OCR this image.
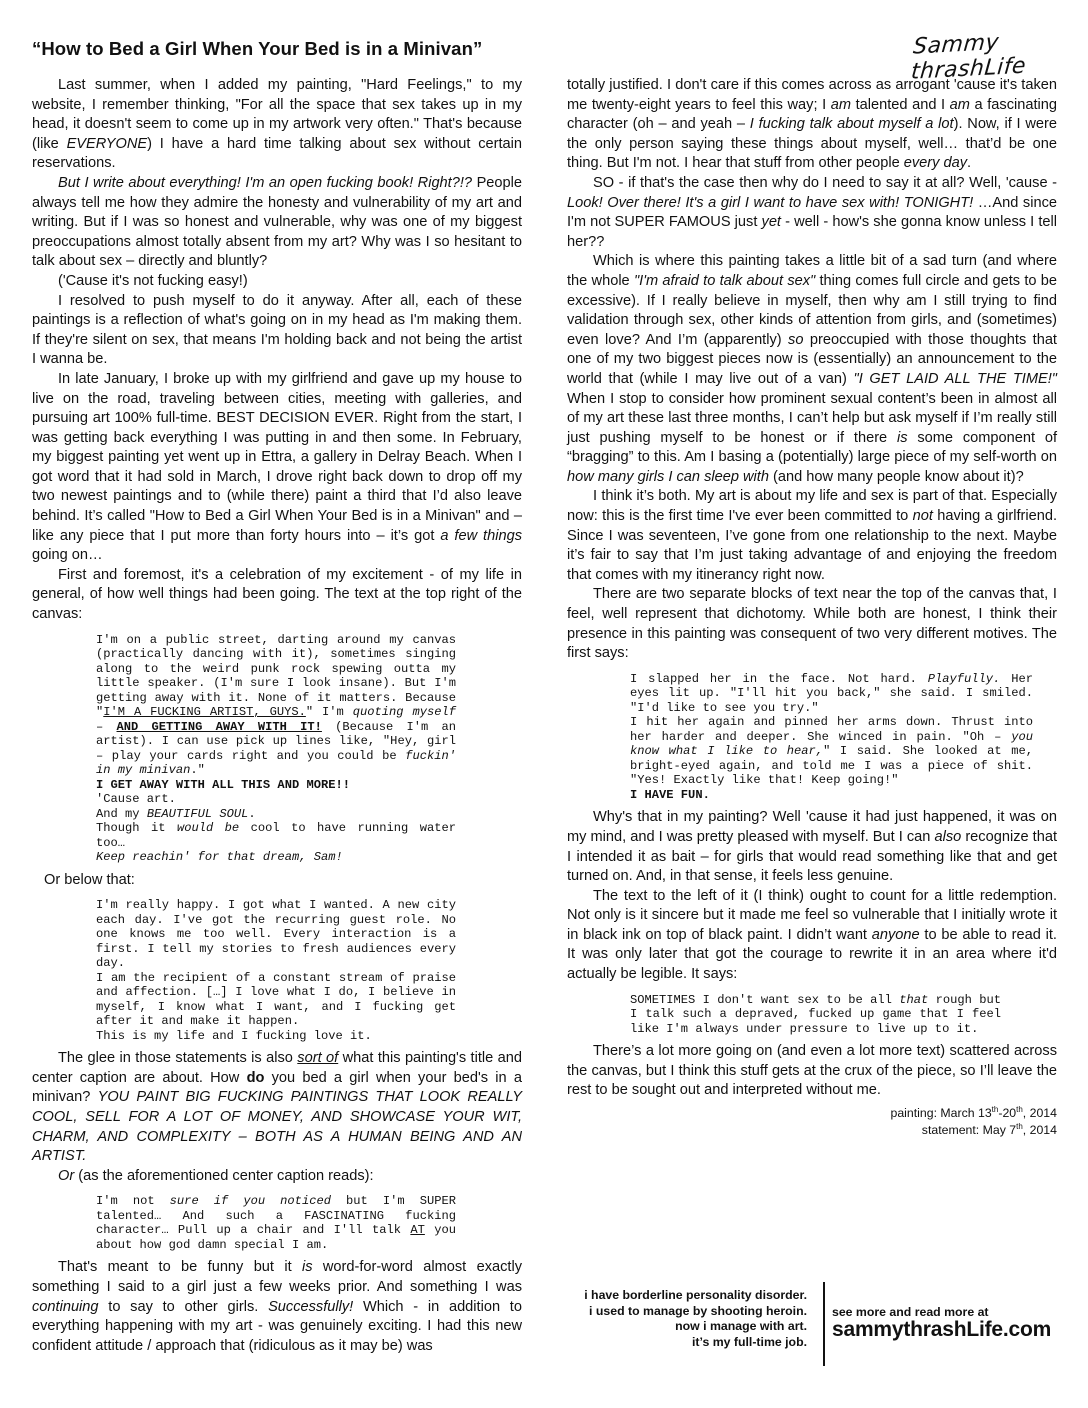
“How to Bed a Girl When Your Bed is in a Minivan”	Sammy thrashLife

Last summer, when I added my painting, "Hard Feelings," to my website, I remember thinking, "For all the space that sex takes up in my head, it doesn't seem to come up in my artwork very often." That's because (like EVERYONE) I have a hard time talking about sex without certain reservations.

But I write about everything! I'm an open fucking book! Right?!? People always tell me how they admire the honesty and vulnerability of my art and writing. But if I was so honest and vulnerable, why was one of my biggest preoccupations almost totally absent from my art? Why was I so hesitant to talk about sex – directly and bluntly?

('Cause it's not fucking easy!)

I resolved to push myself to do it anyway. After all, each of these paintings is a reflection of what's going on in my head as I'm making them. If they're silent on sex, that means I'm holding back and not being the artist I wanna be.

In late January, I broke up with my girlfriend and gave up my house to live on the road, traveling between cities, meeting with galleries, and pursuing art 100% full-time. BEST DECISION EVER. Right from the start, I was getting back everything I was putting in and then some. In February, my biggest painting yet went up in Ettra, a gallery in Delray Beach. When I got word that it had sold in March, I drove right back down to drop off my two newest paintings and to (while there) paint a third that I’d also leave behind. It’s called "How to Bed a Girl When Your Bed is in a Minivan" and – like any piece that I put more than forty hours into – it’s got a few things going on…

First and foremost, it's a celebration of my excitement - of my life in general, of how well things had been going. The text at the top right of the canvas:

I'm on a public street, darting around my canvas (practically dancing with it), sometimes singing along to the weird punk rock spewing outta my little speaker. (I'm sure I look insane). But I'm getting away with it. None of it matters. Because "I'M A FUCKING ARTIST, GUYS." I'm quoting myself – AND GETTING AWAY WITH IT! (Because I'm an artist). I can use pick up lines like, "Hey, girl – play your cards right and you could be fuckin' in my minivan."
I GET AWAY WITH ALL THIS AND MORE!!
'Cause art.
And my BEAUTIFUL SOUL.
Though it would be cool to have running water too…
Keep reachin' for that dream, Sam!

Or below that:

I'm really happy. I got what I wanted. A new city each day. I've got the recurring guest role. No one knows me too well. Every interaction is a first. I tell my stories to fresh audiences every day.
I am the recipient of a constant stream of praise and affection. […] I love what I do, I believe in myself, I know what I want, and I fucking get after it and make it happen.
This is my life and I fucking love it.

The glee in those statements is also sort of what this painting's title and center caption are about. How do you bed a girl when your bed's in a minivan? YOU PAINT BIG FUCKING PAINTINGS THAT LOOK REALLY COOL, SELL FOR A LOT OF MONEY, AND SHOWCASE YOUR WIT, CHARM, AND COMPLEXITY – BOTH AS A HUMAN BEING AND AN ARTIST.

Or (as the aforementioned center caption reads):

I'm not sure if you noticed but I'm SUPER talented… And such a FASCINATING fucking character… Pull up a chair and I'll talk AT you about how god damn special I am.

That's meant to be funny but it is word-for-word almost exactly something I said to a girl just a few weeks prior. And something I was continuing to say to other girls. Successfully! Which - in addition to everything happening with my art - was genuinely exciting. I had this new confident attitude / approach that (ridiculous as it may be) was

totally justified. I don't care if this comes across as arrogant 'cause it's taken me twenty-eight years to feel this way; I am talented and I am a fascinating character (oh – and yeah – I fucking talk about myself a lot). Now, if I were the only person saying these things about myself, well… that’d be one thing. But I'm not. I hear that stuff from other people every day.

SO - if that's the case then why do I need to say it at all? Well, 'cause - Look! Over there! It's a girl I want to have sex with! TONIGHT! …And since I'm not SUPER FAMOUS just yet - well - how's she gonna know unless I tell her??

Which is where this painting takes a little bit of a sad turn (and where the whole "I'm afraid to talk about sex" thing comes full circle and gets to be excessive). If I really believe in myself, then why am I still trying to find validation through sex, other kinds of attention from girls, and (sometimes) even love? And I’m (apparently) so preoccupied with those thoughts that one of my two biggest pieces now is (essentially) an announcement to the world that (while I may live out of a van) "I GET LAID ALL THE TIME!" When I stop to consider how prominent sexual content’s been in almost all of my art these last three months, I can’t help but ask myself if I’m really still just pushing myself to be honest or if there is some component of “bragging” to this. Am I basing a (potentially) large piece of my self-worth on how many girls I can sleep with (and how many people know about it)?

I think it’s both. My art is about my life and sex is part of that. Especially now: this is the first time I've ever been committed to not having a girlfriend. Since I was seventeen, I’ve gone from one relationship to the next. Maybe it’s fair to say that I’m just taking advantage of and enjoying the freedom that comes with my itinerancy right now.

There are two separate blocks of text near the top of the canvas that, I feel, well represent that dichotomy. While both are honest, I think their presence in this painting was consequent of two very different motives. The first says:

I slapped her in the face. Not hard. Playfully. Her eyes lit up. "I'll hit you back," she said. I smiled. "I'd like to see you try."
I hit her again and pinned her arms down. Thrust into her harder and deeper. She winced in pain. "Oh – you know what I like to hear," I said. She looked at me, bright-eyed again, and told me I was a piece of shit. "Yes! Exactly like that! Keep going!"
I HAVE FUN.

Why's that in my painting? Well 'cause it had just happened, it was on my mind, and I was pretty pleased with myself. But I can also recognize that I intended it as bait – for girls that would read something like that and get turned on. And, in that sense, it feels less genuine.

The text to the left of it (I think) ought to count for a little redemption. Not only is it sincere but it made me feel so vulnerable that I initially wrote it in black ink on top of black paint. I didn’t want anyone to be able to read it. It was only later that got the courage to rewrite it in an area where it'd actually be legible. It says:

SOMETIMES I don't want sex to be all that rough but I talk such a depraved, fucked up game that I feel like I'm always under pressure to live up to it.

There’s a lot more going on (and even a lot more text) scattered across the canvas, but I think this stuff gets at the crux of the piece, so I’ll leave the rest to be sought out and interpreted without me.

painting: March 13th-20th, 2014
statement: May 7th, 2014
i have borderline personality disorder.
i used to manage by shooting heroin.
now i manage with art.
it’s my full-time job.
see more and read more at
sammythrashLife.com
